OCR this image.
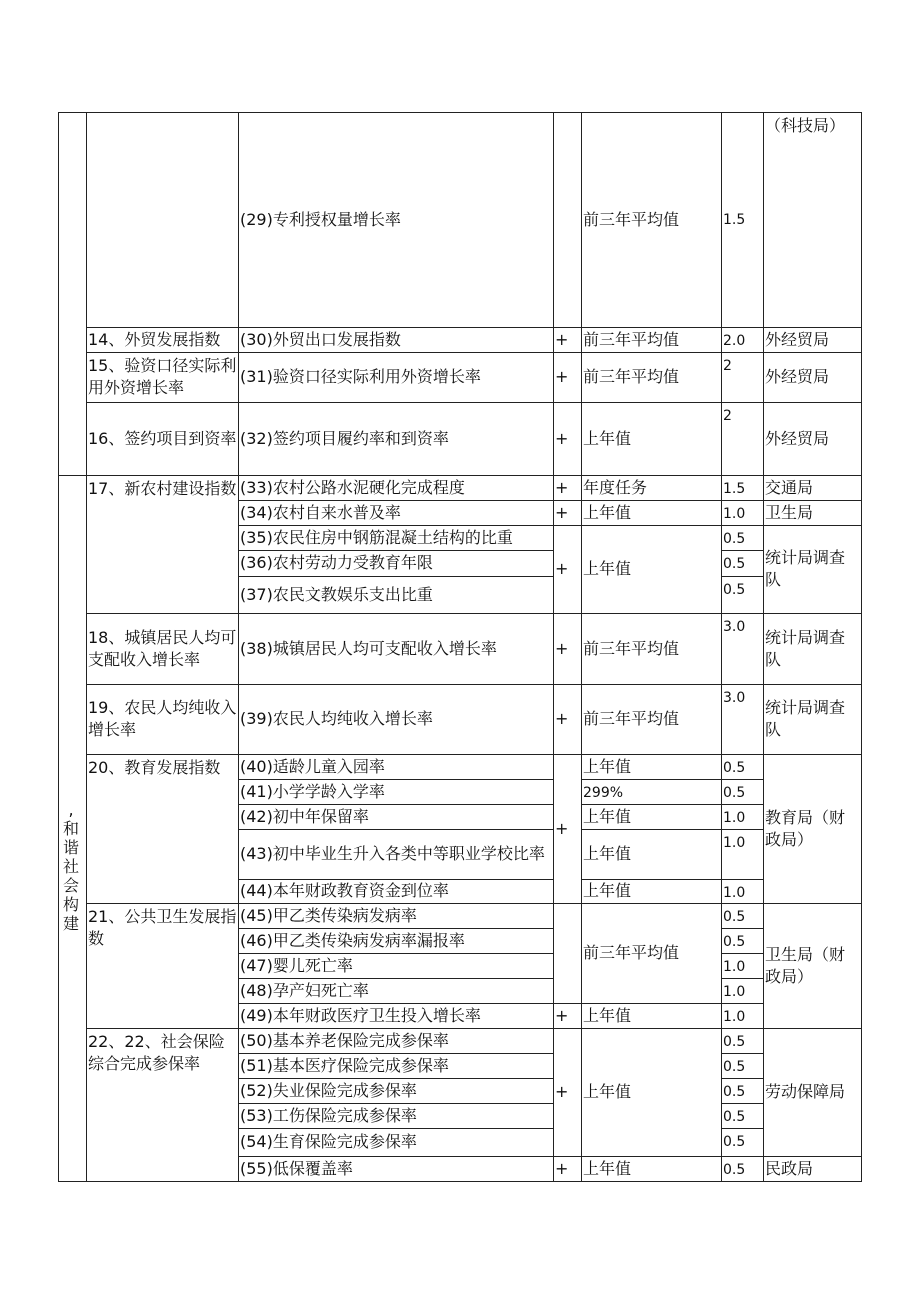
14、外贸发展指数
15、验资口径实际利用外资增长率
16、签约项目到资率
17、新农村建设指数
18、城镇居民人均可支配收入增长率
19、农民人均纯收入增长率
20、教育发展指数
21、公共卫生发展指数
22、22、社会保险综合完成参保率
(29)专利授权量增长率
(30)外贸出口发展指数
(31)验资口径实际利用外资增长率
(32)签约项目履约率和到资率
(33)农村公路水泥硬化完成程度
(34)农村自来水普及率
(35)农民住房中钢筋混凝土结构的比重
(36)农村劳动力受教育年限
(37)农民文教娱乐支出比重
(38)城镇居民人均可支配收入增长率
(39)农民人均纯收入增长率
(40)适龄儿童入园率
(41)小学学龄入学率
(42)初中年保留率
(43)初中毕业生升入各类中等职业学校比率
(44)本年财政教育资金到位率
(45)甲乙类传染病发病率
(46)甲乙类传染病发病率漏报率
(47)婴儿死亡率
(48)孕产妇死亡率
(49)本年财政医疗卫生投入增长率
(50)基本养老保险完成参保率
(51)基本医疗保险完成参保率
(52)失业保险完成参保率
(53)工伤保险完成参保率
(54)生育保险完成参保率
(55)低保覆盖率
+
+
+
+
+
+
+
+
+
+
+
+
前三年平均值
前三年平均值
前三年平均值
上年值
年度任务
上年值
上年值
前三年平均值
前三年平均值
上年值
299%
上年值
上年值
上年值
前三年平均值
上年值
上年值
上年值
1.5
2.0
2
2
1.5
1.0
0.5
0.5
0.5
3.0
3.0
0.5
0.5
1.0
1.0
1.0
0.5
0.5
1.0
1.0
1.0
0.5
0.5
0.5
0.5
0.5
0.5
（科技局）
外经贸局
外经贸局
外经贸局
交通局
卫生局
统计局调查队
统计局调查队
统计局调查队
教育局（财政局）
卫生局（财政局）
劳动保障局
民政局
,和谐社会构建
